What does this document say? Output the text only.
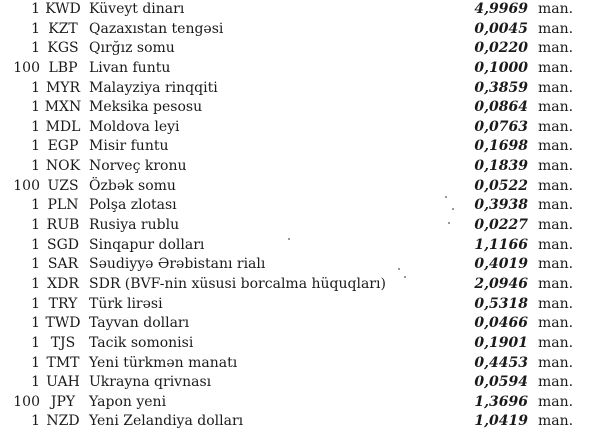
1 KWD Küveyt dinarı	4,9969 man.
1 KZT Qazaxıstan tengəsi	0,0045 man.
1 KGS Qırğız somu	0,0220 man.
100 LBP Livan funtu	0,1000 man.
1 MYR Malayziya rinqqiti	0,3859 man.
1 MXN Meksika pesosu	0,0864 man.
1 MDL Moldova leyi	0,0763 man.
1 EGP Misir funtu	0,1698 man.
1 NOK Norveç kronu	0,1839 man.
100 UZS Özbək somu	0,0522 man.
1 PLN Polşa zlotası	0,3938 man.
1 RUB Rusiya rublu	0,0227 man.
1 SGD Sinqapur dolları	1,1166 man.
1 SAR Səudiyyə Ərəbistanı rialı	0,4019 man.
1 XDR SDR (BVF-nin xüsusi borcalma hüquqları)	2,0946 man.
1 TRY Türk lirəsi	0,5318 man.
1 TWD Tayvan dolları	0,0466 man.
1 TJS Tacik somonisi	0,1901 man.
1 TMT Yeni türkmən manatı	0,4453 man.
1 UAH Ukrayna qrivnası	0,0594 man.
100 JPY Yapon yeni	1,3696 man.
1 NZD Yeni Zelandiya dolları	1,0419 man.
